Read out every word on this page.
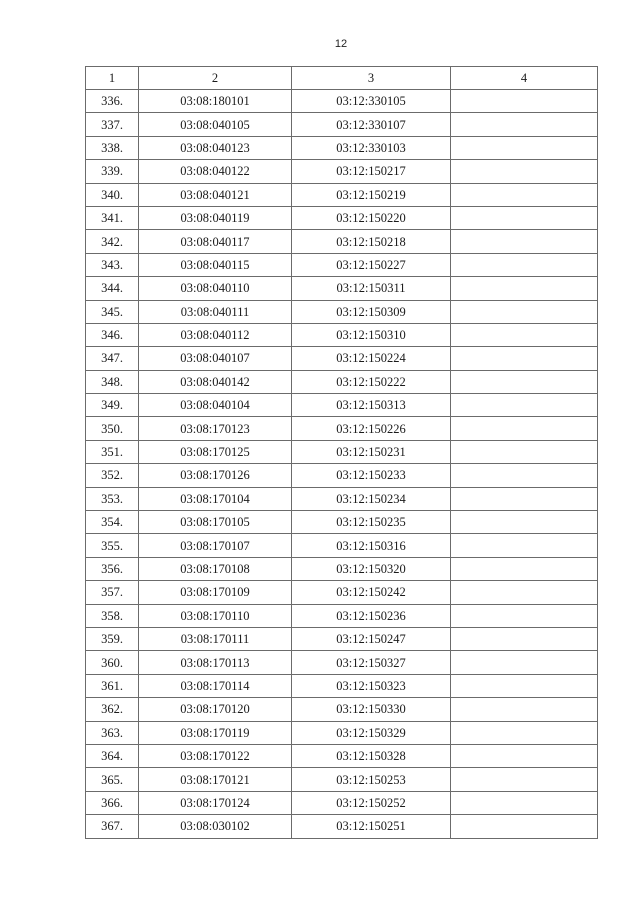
12
1	2	3	4
336.	03:08:180101	03:12:330105	
337.	03:08:040105	03:12:330107	
338.	03:08:040123	03:12:330103	
339.	03:08:040122	03:12:150217	
340.	03:08:040121	03:12:150219	
341.	03:08:040119	03:12:150220	
342.	03:08:040117	03:12:150218	
343.	03:08:040115	03:12:150227	
344.	03:08:040110	03:12:150311	
345.	03:08:040111	03:12:150309	
346.	03:08:040112	03:12:150310	
347.	03:08:040107	03:12:150224	
348.	03:08:040142	03:12:150222	
349.	03:08:040104	03:12:150313	
350.	03:08:170123	03:12:150226	
351.	03:08:170125	03:12:150231	
352.	03:08:170126	03:12:150233	
353.	03:08:170104	03:12:150234	
354.	03:08:170105	03:12:150235	
355.	03:08:170107	03:12:150316	
356.	03:08:170108	03:12:150320	
357.	03:08:170109	03:12:150242	
358.	03:08:170110	03:12:150236	
359.	03:08:170111	03:12:150247	
360.	03:08:170113	03:12:150327	
361.	03:08:170114	03:12:150323	
362.	03:08:170120	03:12:150330	
363.	03:08:170119	03:12:150329	
364.	03:08:170122	03:12:150328	
365.	03:08:170121	03:12:150253	
366.	03:08:170124	03:12:150252	
367.	03:08:030102	03:12:150251	
